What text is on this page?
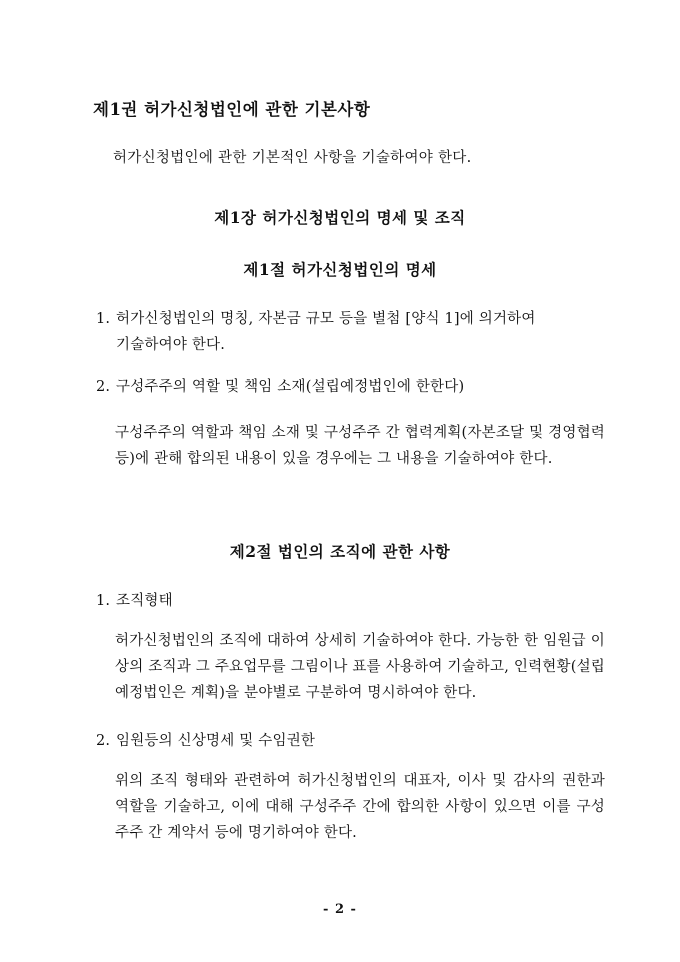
제1권 허가신청법인에 관한 기본사항
허가신청법인에 관한 기본적인 사항을 기술하여야 한다.
제1장 허가신청법인의 명세 및 조직
제1절 허가신청법인의 명세
1. 허가신청법인의 명칭, 자본금 규모 등을 별첨 [양식 1]에 의거하여
기술하여야 한다.
2. 구성주주의 역할 및 책임 소재(설립예정법인에 한한다)
구성주주의 역할과 책임 소재 및 구성주주 간 협력계획(자본조달 및 경영협력 등)에 관해 합의된 내용이 있을 경우에는 그 내용을 기술하여야 한다.
제2절 법인의 조직에 관한 사항
1. 조직형태
허가신청법인의 조직에 대하여 상세히 기술하여야 한다. 가능한 한 임원급 이상의 조직과 그 주요업무를 그림이나 표를 사용하여 기술하고, 인력현황(설립예정법인은 계획)을 분야별로 구분하여 명시하여야 한다.
2. 임원등의 신상명세 및 수임권한
위의 조직 형태와 관련하여 허가신청법인의 대표자, 이사 및 감사의 권한과 역할을 기술하고, 이에 대해 구성주주 간에 합의한 사항이 있으면 이를 구성주주 간 계약서 등에 명기하여야 한다.
- 2 -
